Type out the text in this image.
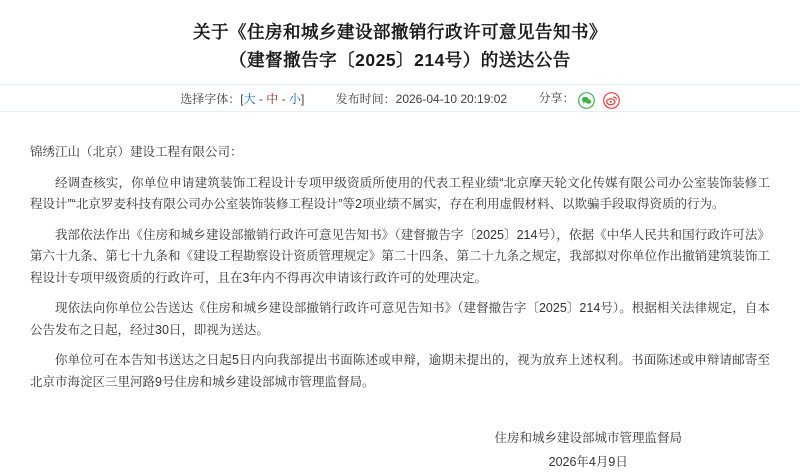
关于《住房和城乡建设部撤销行政许可意见告知书》
（建督撤告字〔2025〕214号）的送达公告
选择字体：[大 - 中 - 小]	发布时间：2026-04-10 20:19:02	分享：

锦绣江山（北京）建设工程有限公司：

经调查核实，你单位申请建筑装饰工程设计专项甲级资质所使用的代表工程业绩“北京摩天轮文化传媒有限公司办公室装饰装修工程设计”“北京罗麦科技有限公司办公室装饰装修工程设计”等2项业绩不属实，存在利用虚假材料、以欺骗手段取得资质的行为。

我部依法作出《住房和城乡建设部撤销行政许可意见告知书》（建督撤告字〔2025〕214号），依据《中华人民共和国行政许可法》第六十九条、第七十九条和《建设工程勘察设计资质管理规定》第二十四条、第二十九条之规定，我部拟对你单位作出撤销建筑装饰工程设计专项甲级资质的行政许可，且在3年内不得再次申请该行政许可的处理决定。

现依法向你单位公告送达《住房和城乡建设部撤销行政许可意见告知书》（建督撤告字〔2025〕214号）。根据相关法律规定，自本公告发布之日起，经过30日，即视为送达。

你单位可在本告知书送达之日起5日内向我部提出书面陈述或申辩，逾期未提出的，视为放弃上述权利。书面陈述或申辩请邮寄至北京市海淀区三里河路9号住房和城乡建设部城市管理监督局。

住房和城乡建设部城市管理监督局
2026年4月9日
